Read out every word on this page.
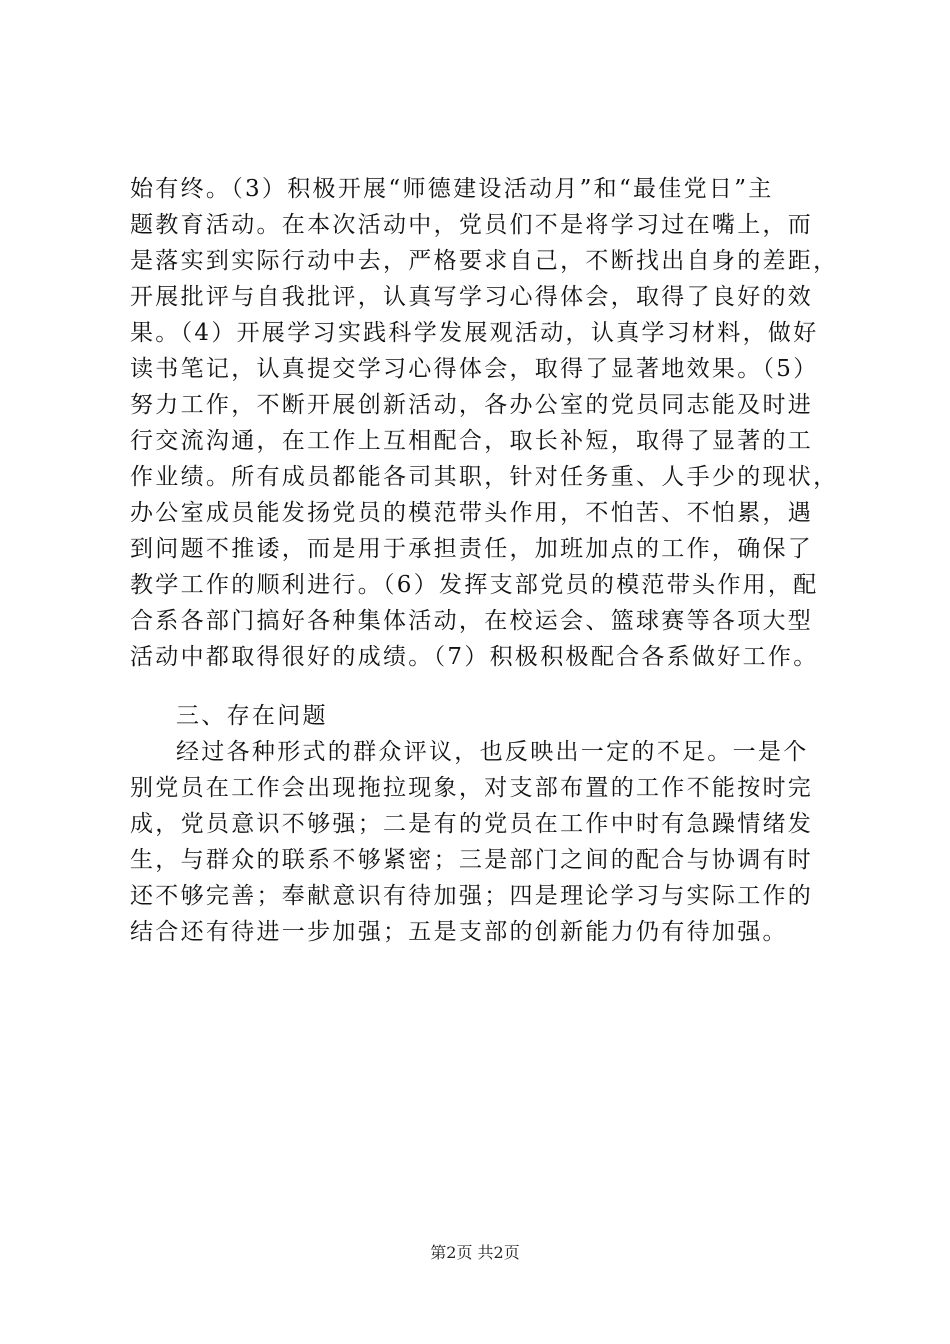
始有终。（3）积极开展“师德建设活动月”和“最佳党日”主
题教育活动。在本次活动中，党员们不是将学习过在嘴上，而
是落实到实际行动中去，严格要求自己，不断找出自身的差距，
开展批评与自我批评，认真写学习心得体会，取得了良好的效
果。（4）开展学习实践科学发展观活动，认真学习材料，做好
读书笔记，认真提交学习心得体会，取得了显著地效果。（5）
努力工作，不断开展创新活动，各办公室的党员同志能及时进
行交流沟通，在工作上互相配合，取长补短，取得了显著的工
作业绩。所有成员都能各司其职，针对任务重、人手少的现状，
办公室成员能发扬党员的模范带头作用，不怕苦、不怕累，遇
到问题不推诿，而是用于承担责任，加班加点的工作，确保了
教学工作的顺利进行。（6）发挥支部党员的模范带头作用，配
合系各部门搞好各种集体活动，在校运会、篮球赛等各项大型
活动中都取得很好的成绩。（7）积极积极配合各系做好工作。
三、存在问题
经过各种形式的群众评议，也反映出一定的不足。一是个
别党员在工作会出现拖拉现象，对支部布置的工作不能按时完
成，党员意识不够强；二是有的党员在工作中时有急躁情绪发
生，与群众的联系不够紧密；三是部门之间的配合与协调有时
还不够完善；奉献意识有待加强；四是理论学习与实际工作的
结合还有待进一步加强；五是支部的创新能力仍有待加强。
第2页 共2页
